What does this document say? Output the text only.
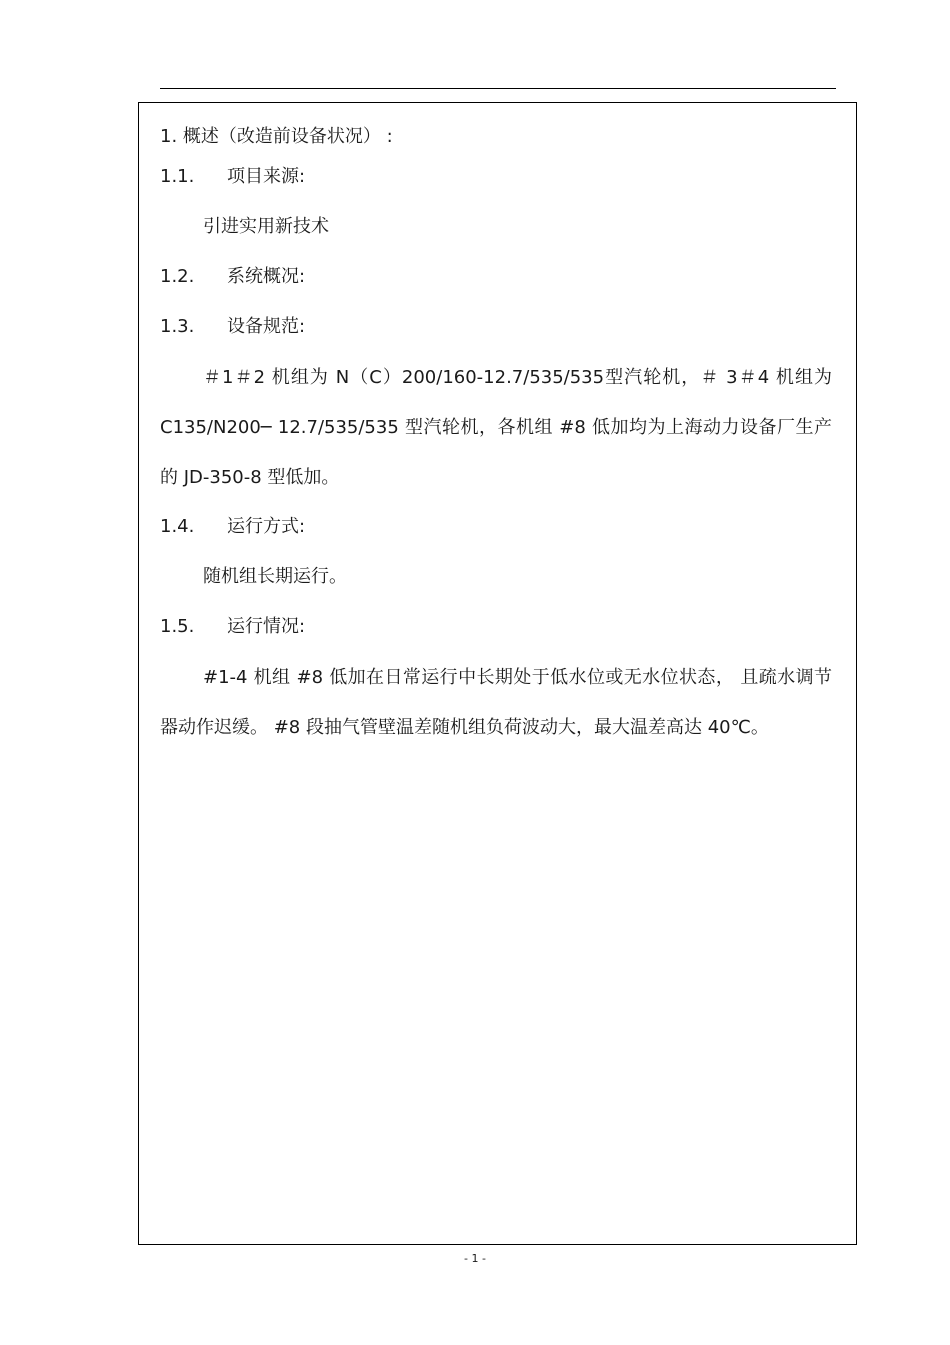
1. 概述（改造前设备状况） :
1.1. 项目来源:
引进实用新技术
1.2. 系统概况:
1.3. 设备规范:
＃1＃2 机组为 N（C）200/160-12.7/535/535型汽轮机，＃ 3＃4 机组为 C135/N200─ 12.7/535/535 型汽轮机，各机组 #8 低加均为上海动力设备厂生产的 JD-350-8 型低加。
1.4. 运行方式:
随机组长期运行。
1.5. 运行情况:
#1-4 机组 #8 低加在日常运行中长期处于低水位或无水位状态， 且疏水调节器动作迟缓。 #8 段抽气管壁温差随机组负荷波动大，最大温差高达 40℃。
- 1 -
